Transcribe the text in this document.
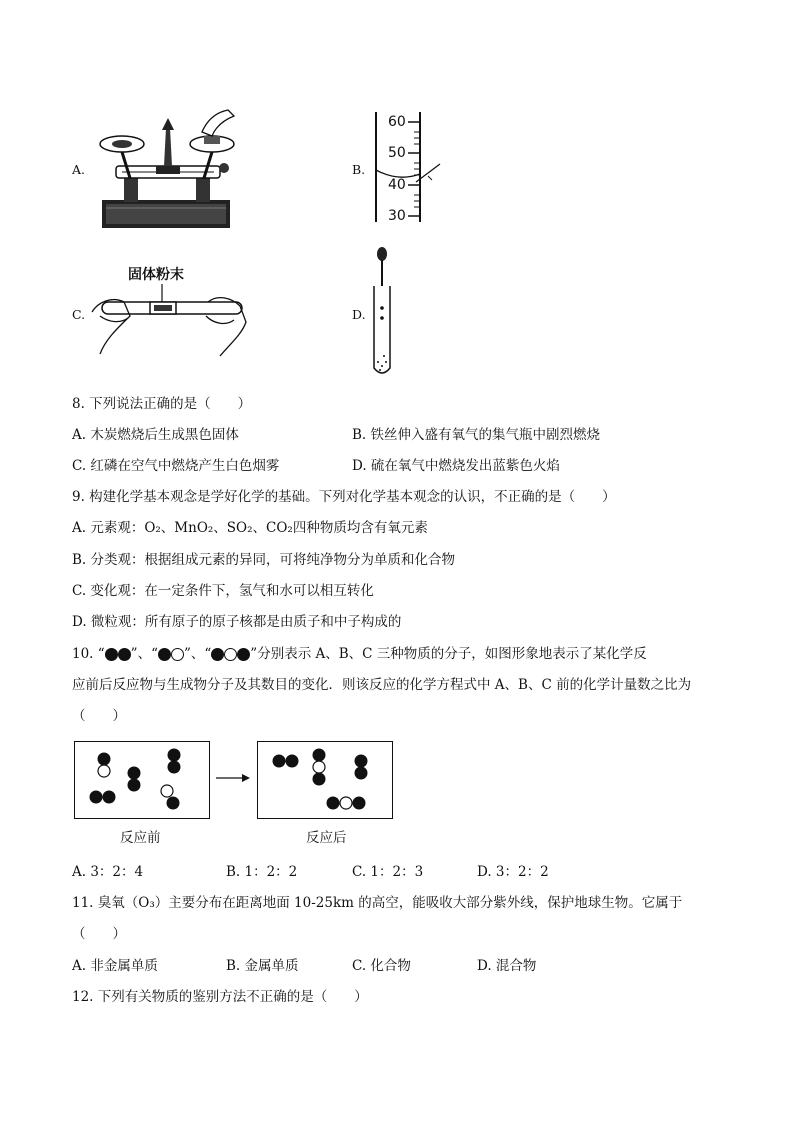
A.	B.
60
50
40
30
C.
固体粉末
D.
8. 下列说法正确的是（　　）
A. 木炭燃烧后生成黑色固体	B. 铁丝伸入盛有氧气的集气瓶中剧烈燃烧
C. 红磷在空气中燃烧产生白色烟雾	D. 硫在氧气中燃烧发出蓝紫色火焰
9. 构建化学基本观念是学好化学的基础。下列对化学基本观念的认识，不正确的是（　　）
A. 元素观：O₂、MnO₂、SO₂、CO₂四种物质均含有氧元素
B. 分类观：根据组成元素的异同，可将纯净物分为单质和化合物
C. 变化观：在一定条件下，氢气和水可以相互转化
D. 微粒观：所有原子的原子核都是由质子和中子构成的
10. “ ”、“ ”、“	”分别表示 A、B、C 三种物质的分子，如图形象地表示了某化学反
应前后反应物与生成物分子及其数目的变化．则该反应的化学方程式中 A、B、C 前的化学计量数之比为
（　　）
反应前	反应后
A. 3：2：4	B. 1：2：2	C. 1：2：3	D. 3：2：2
11. 臭氧（O₃）主要分布在距离地面 10-25km 的高空，能吸收大部分紫外线，保护地球生物。它属于
（　　）
A. 非金属单质	B. 金属单质	C. 化合物	D. 混合物
12. 下列有关物质的鉴别方法不正确的是（　　）
